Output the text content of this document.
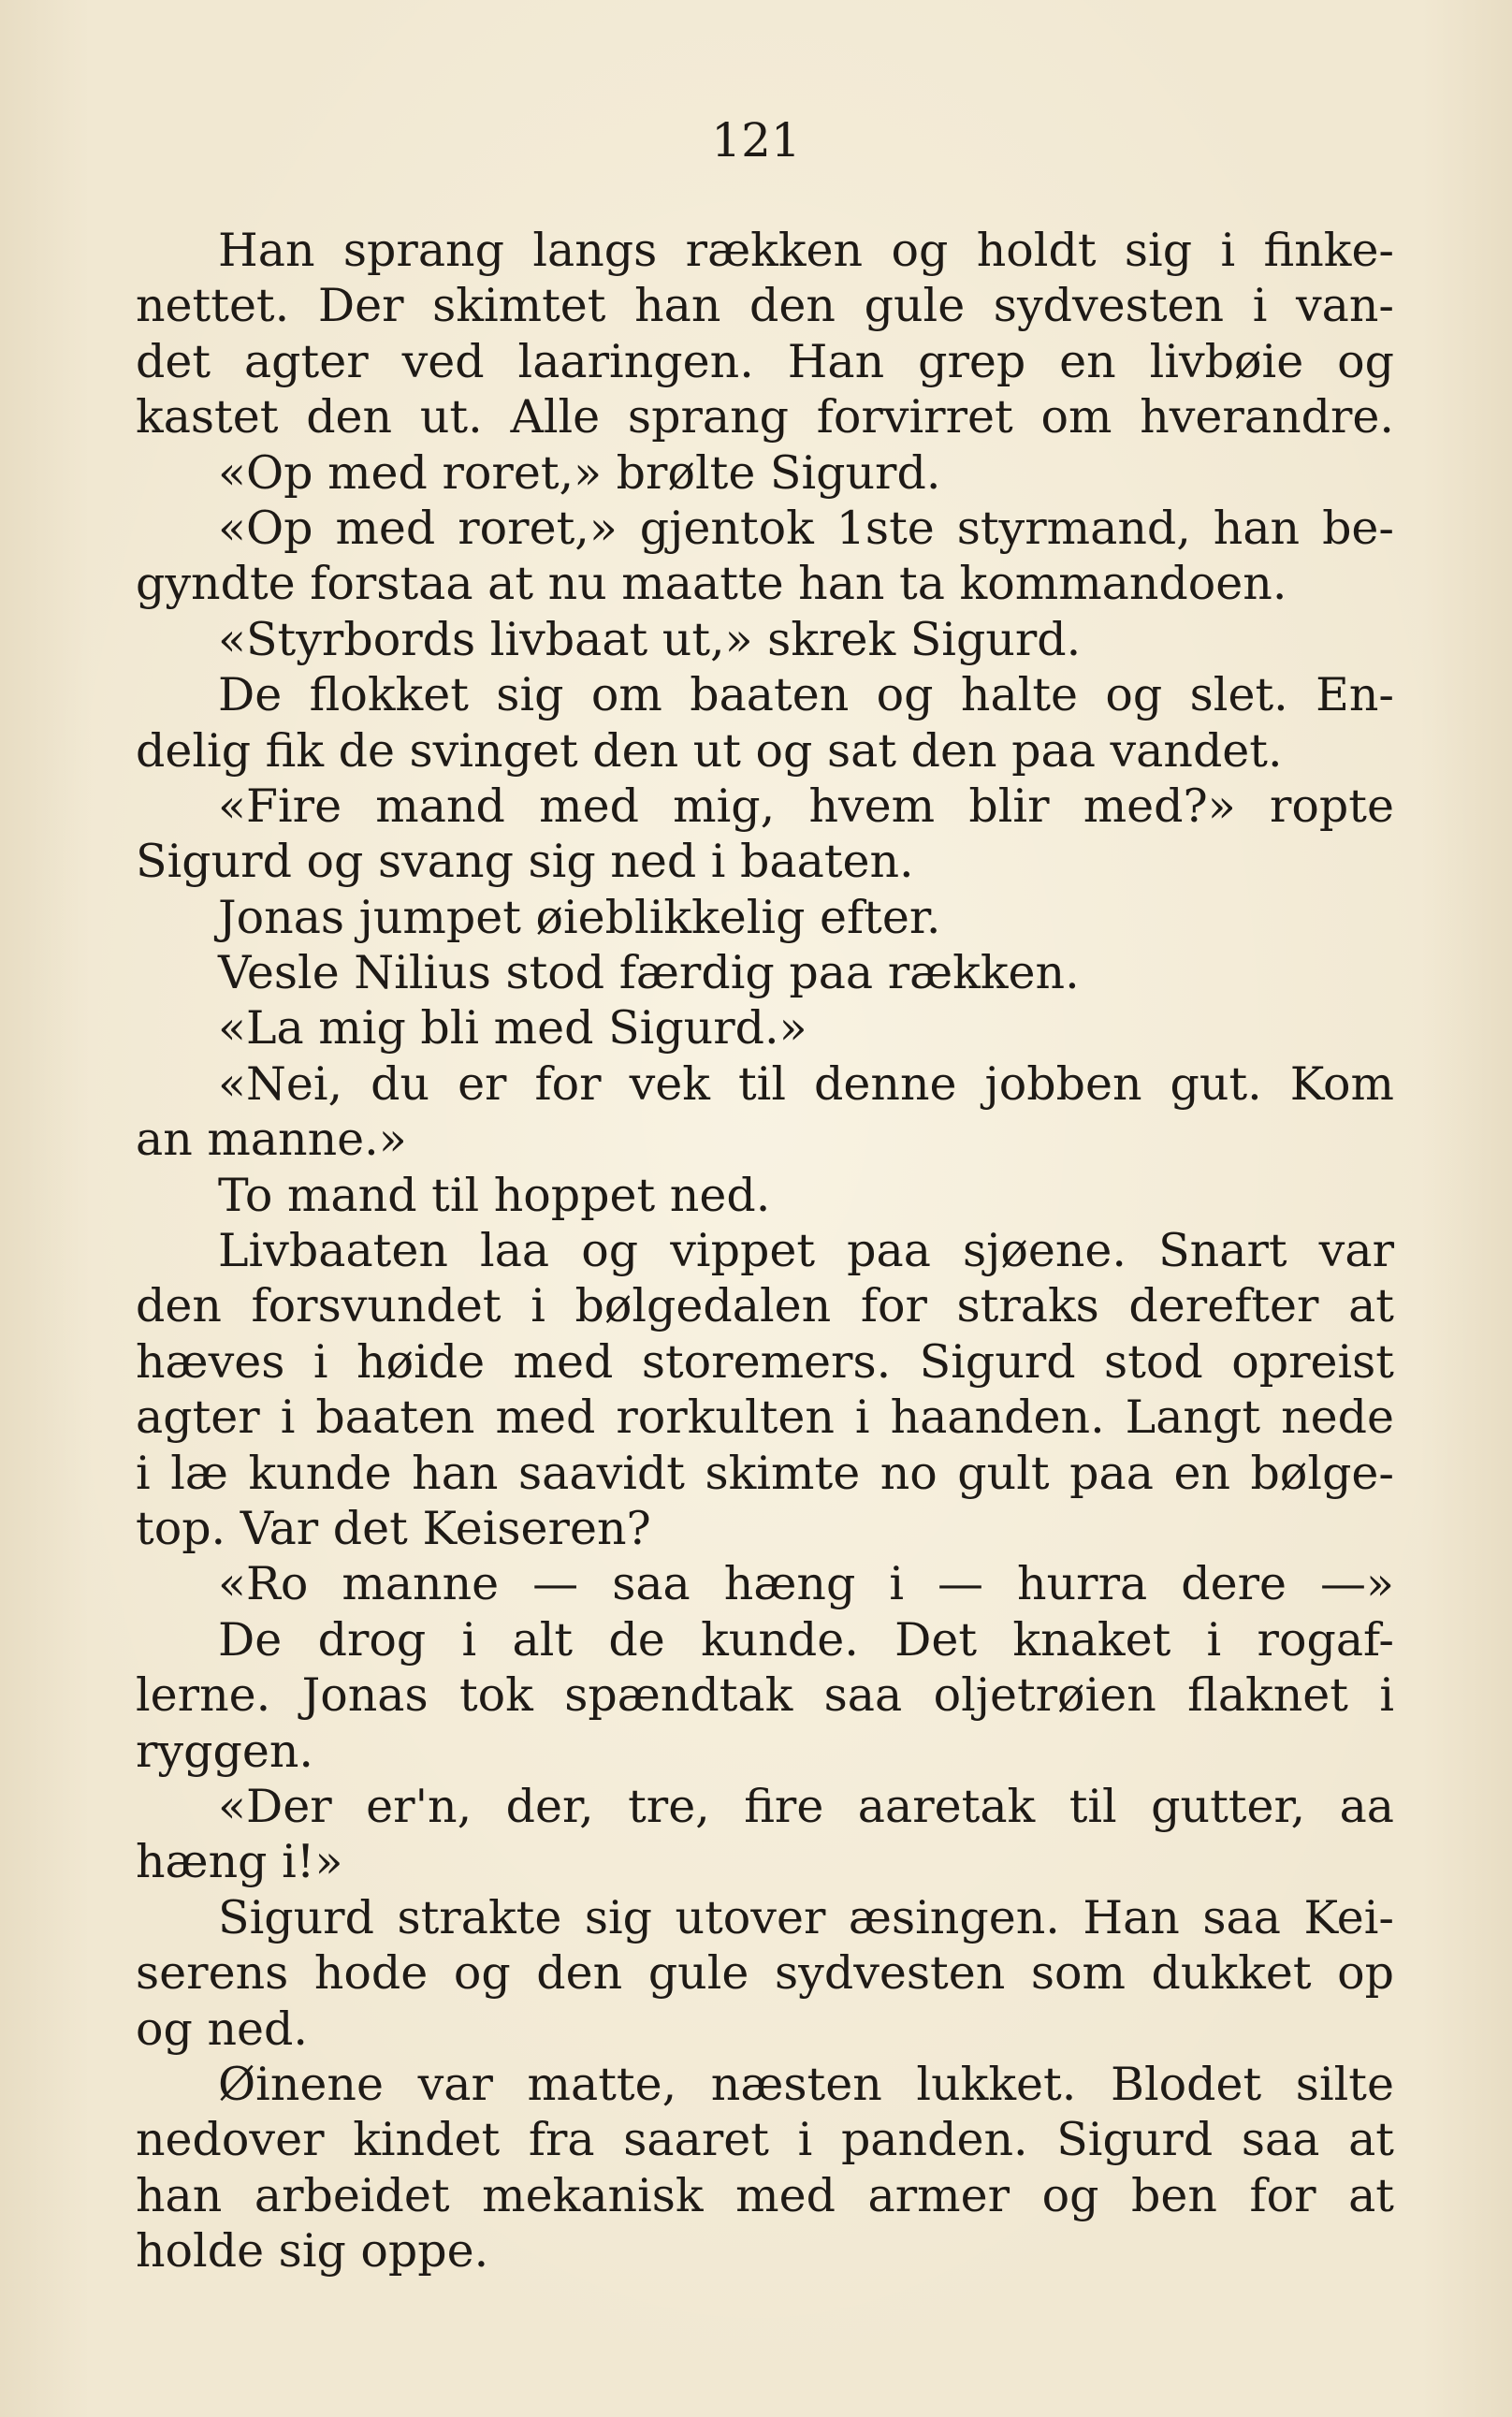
121
Han sprang langs rækken og holdt sig i finke-
nettet. Der skimtet han den gule sydvesten i van-
det agter ved laaringen. Han grep en livbøie og
kastet den ut. Alle sprang forvirret om hverandre.
«Op med roret,» brølte Sigurd.
«Op med roret,» gjentok 1ste styrmand, han be-
gyndte forstaa at nu maatte han ta kommandoen.
«Styrbords livbaat ut,» skrek Sigurd.
De flokket sig om baaten og halte og slet. En-
delig fik de svinget den ut og sat den paa vandet.
«Fire mand med mig, hvem blir med?» ropte
Sigurd og svang sig ned i baaten.
Jonas jumpet øieblikkelig efter.
Vesle Nilius stod færdig paa rækken.
«La mig bli med Sigurd.»
«Nei, du er for vek til denne jobben gut. Kom
an manne.»
To mand til hoppet ned.
Livbaaten laa og vippet paa sjøene. Snart var
den forsvundet i bølgedalen for straks derefter at
hæves i høide med storemers. Sigurd stod opreist
agter i baaten med rorkulten i haanden. Langt nede
i læ kunde han saavidt skimte no gult paa en bølge-
top. Var det Keiseren?
«Ro manne — saa hæng i — hurra dere —»
De drog i alt de kunde. Det knaket i rogaf-
lerne. Jonas tok spændtak saa oljetrøien flaknet i
ryggen.
«Der er'n, der, tre, fire aaretak til gutter, aa
hæng i!»
Sigurd strakte sig utover æsingen. Han saa Kei-
serens hode og den gule sydvesten som dukket op
og ned.
Øinene var matte, næsten lukket. Blodet silte
nedover kindet fra saaret i panden. Sigurd saa at
han arbeidet mekanisk med armer og ben for at
holde sig oppe.
